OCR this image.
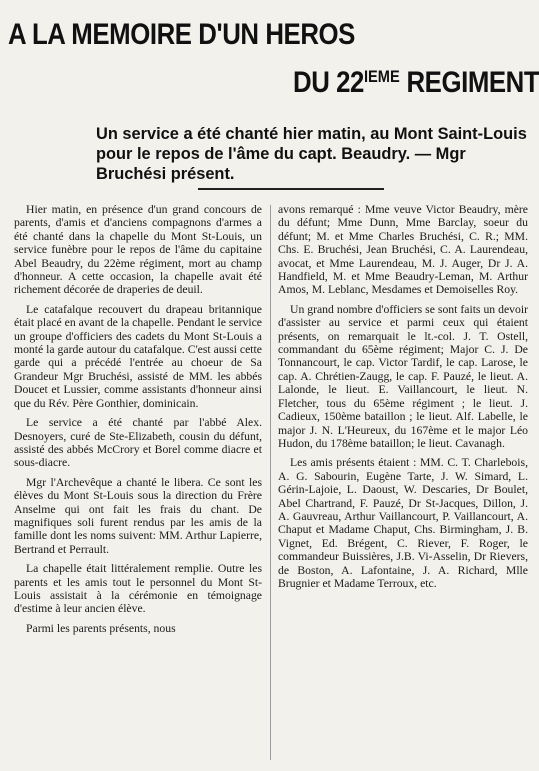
A LA MEMOIRE D'UN HEROS
DU 22IEME REGIMENT

Un service a été chanté hier matin, au Mont Saint-Louis pour le repos de l'âme du capt. Beaudry. — Mgr Bruchési présent.

Hier matin, en présence d'un grand concours de parents, d'amis et d'anciens compagnons d'armes a été chanté dans la chapelle du Mont St-Louis, un service funèbre pour le repos de l'âme du capitaine Abel Beaudry, du 22ème régiment, mort au champ d'honneur. A cette occasion, la chapelle avait été richement décorée de draperies de deuil.

Le catafalque recouvert du drapeau britannique était placé en avant de la chapelle. Pendant le service un groupe d'officiers des cadets du Mont St-Louis a monté la garde autour du catafalque. C'est aussi cette garde qui a précédé l'entrée au choeur de Sa Grandeur Mgr Bruchési, assisté de MM. les abbés Doucet et Lussier, comme assistants d'honneur ainsi que du Rév. Père Gonthier, dominicain.

Le service a été chanté par l'abbé Alex. Desnoyers, curé de Ste-Elizabeth, cousin du défunt, assisté des abbés McCrory et Borel comme diacre et sous-diacre.

Mgr l'Archevêque a chanté le libera. Ce sont les élèves du Mont St-Louis sous la direction du Frère Anselme qui ont fait les frais du chant. De magnifiques soli furent rendus par les amis de la famille dont les noms suivent: MM. Arthur Lapierre, Bertrand et Perrault.

La chapelle était littéralement remplie. Outre les parents et les amis tout le personnel du Mont St-Louis assistait à la cérémonie en témoignage d'estime à leur ancien élève.

Parmi les parents présents, nous

avons remarqué : Mme veuve Victor Beaudry, mère du défunt; Mme Dunn, Mme Barclay, soeur du défunt; M. et Mme Charles Bruchési, C. R.; MM. Chs. E. Bruchési, Jean Bruchési, C. A. Laurendeau, avocat, et Mme Laurendeau, M. J. Auger, Dr J. A. Handfield, M. et Mme Beaudry-Leman, M. Arthur Amos, M. Leblanc, Mesdames et Demoiselles Roy.

Un grand nombre d'officiers se sont faits un devoir d'assister au service et parmi ceux qui étaient présents, on remarquait le lt.-col. J. T. Ostell, commandant du 65ème régiment; Major C. J. De Tonnancourt, le cap. Victor Tardif, le cap. Larose, le cap. A. Chrétien-Zaugg, le cap. F. Pauzé, le lieut. A. Lalonde, le lieut. E. Vaillancourt, le lieut. N. Fletcher, tous du 65ème régiment ; le lieut. J. Cadieux, 150ème bataillon ; le lieut. Alf. Labelle, le major J. N. L'Heureux, du 167ème et le major Léo Hudon, du 178ème bataillon; le lieut. Cavanagh.

Les amis présents étaient : MM. C. T. Charlebois, A. G. Sabourin, Eugène Tarte, J. W. Simard, L. Gérin-Lajoie, L. Daoust, W. Descaries, Dr Boulet, Abel Chartrand, F. Pauzé, Dr St-Jacques, Dillon, J. A. Gauvreau, Arthur Vaillancourt, P. Vaillancourt, A. Chaput et Madame Chaput, Chs. Birmingham, J. B. Vignet, Ed. Brégent, C. Riever, F. Roger, le commandeur Buissières, J.B. Vi-Asselin, Dr Rievers, de Boston, A. Lafontaine, J. A. Richard, Mlle Brugnier et Madame Terroux, etc.
